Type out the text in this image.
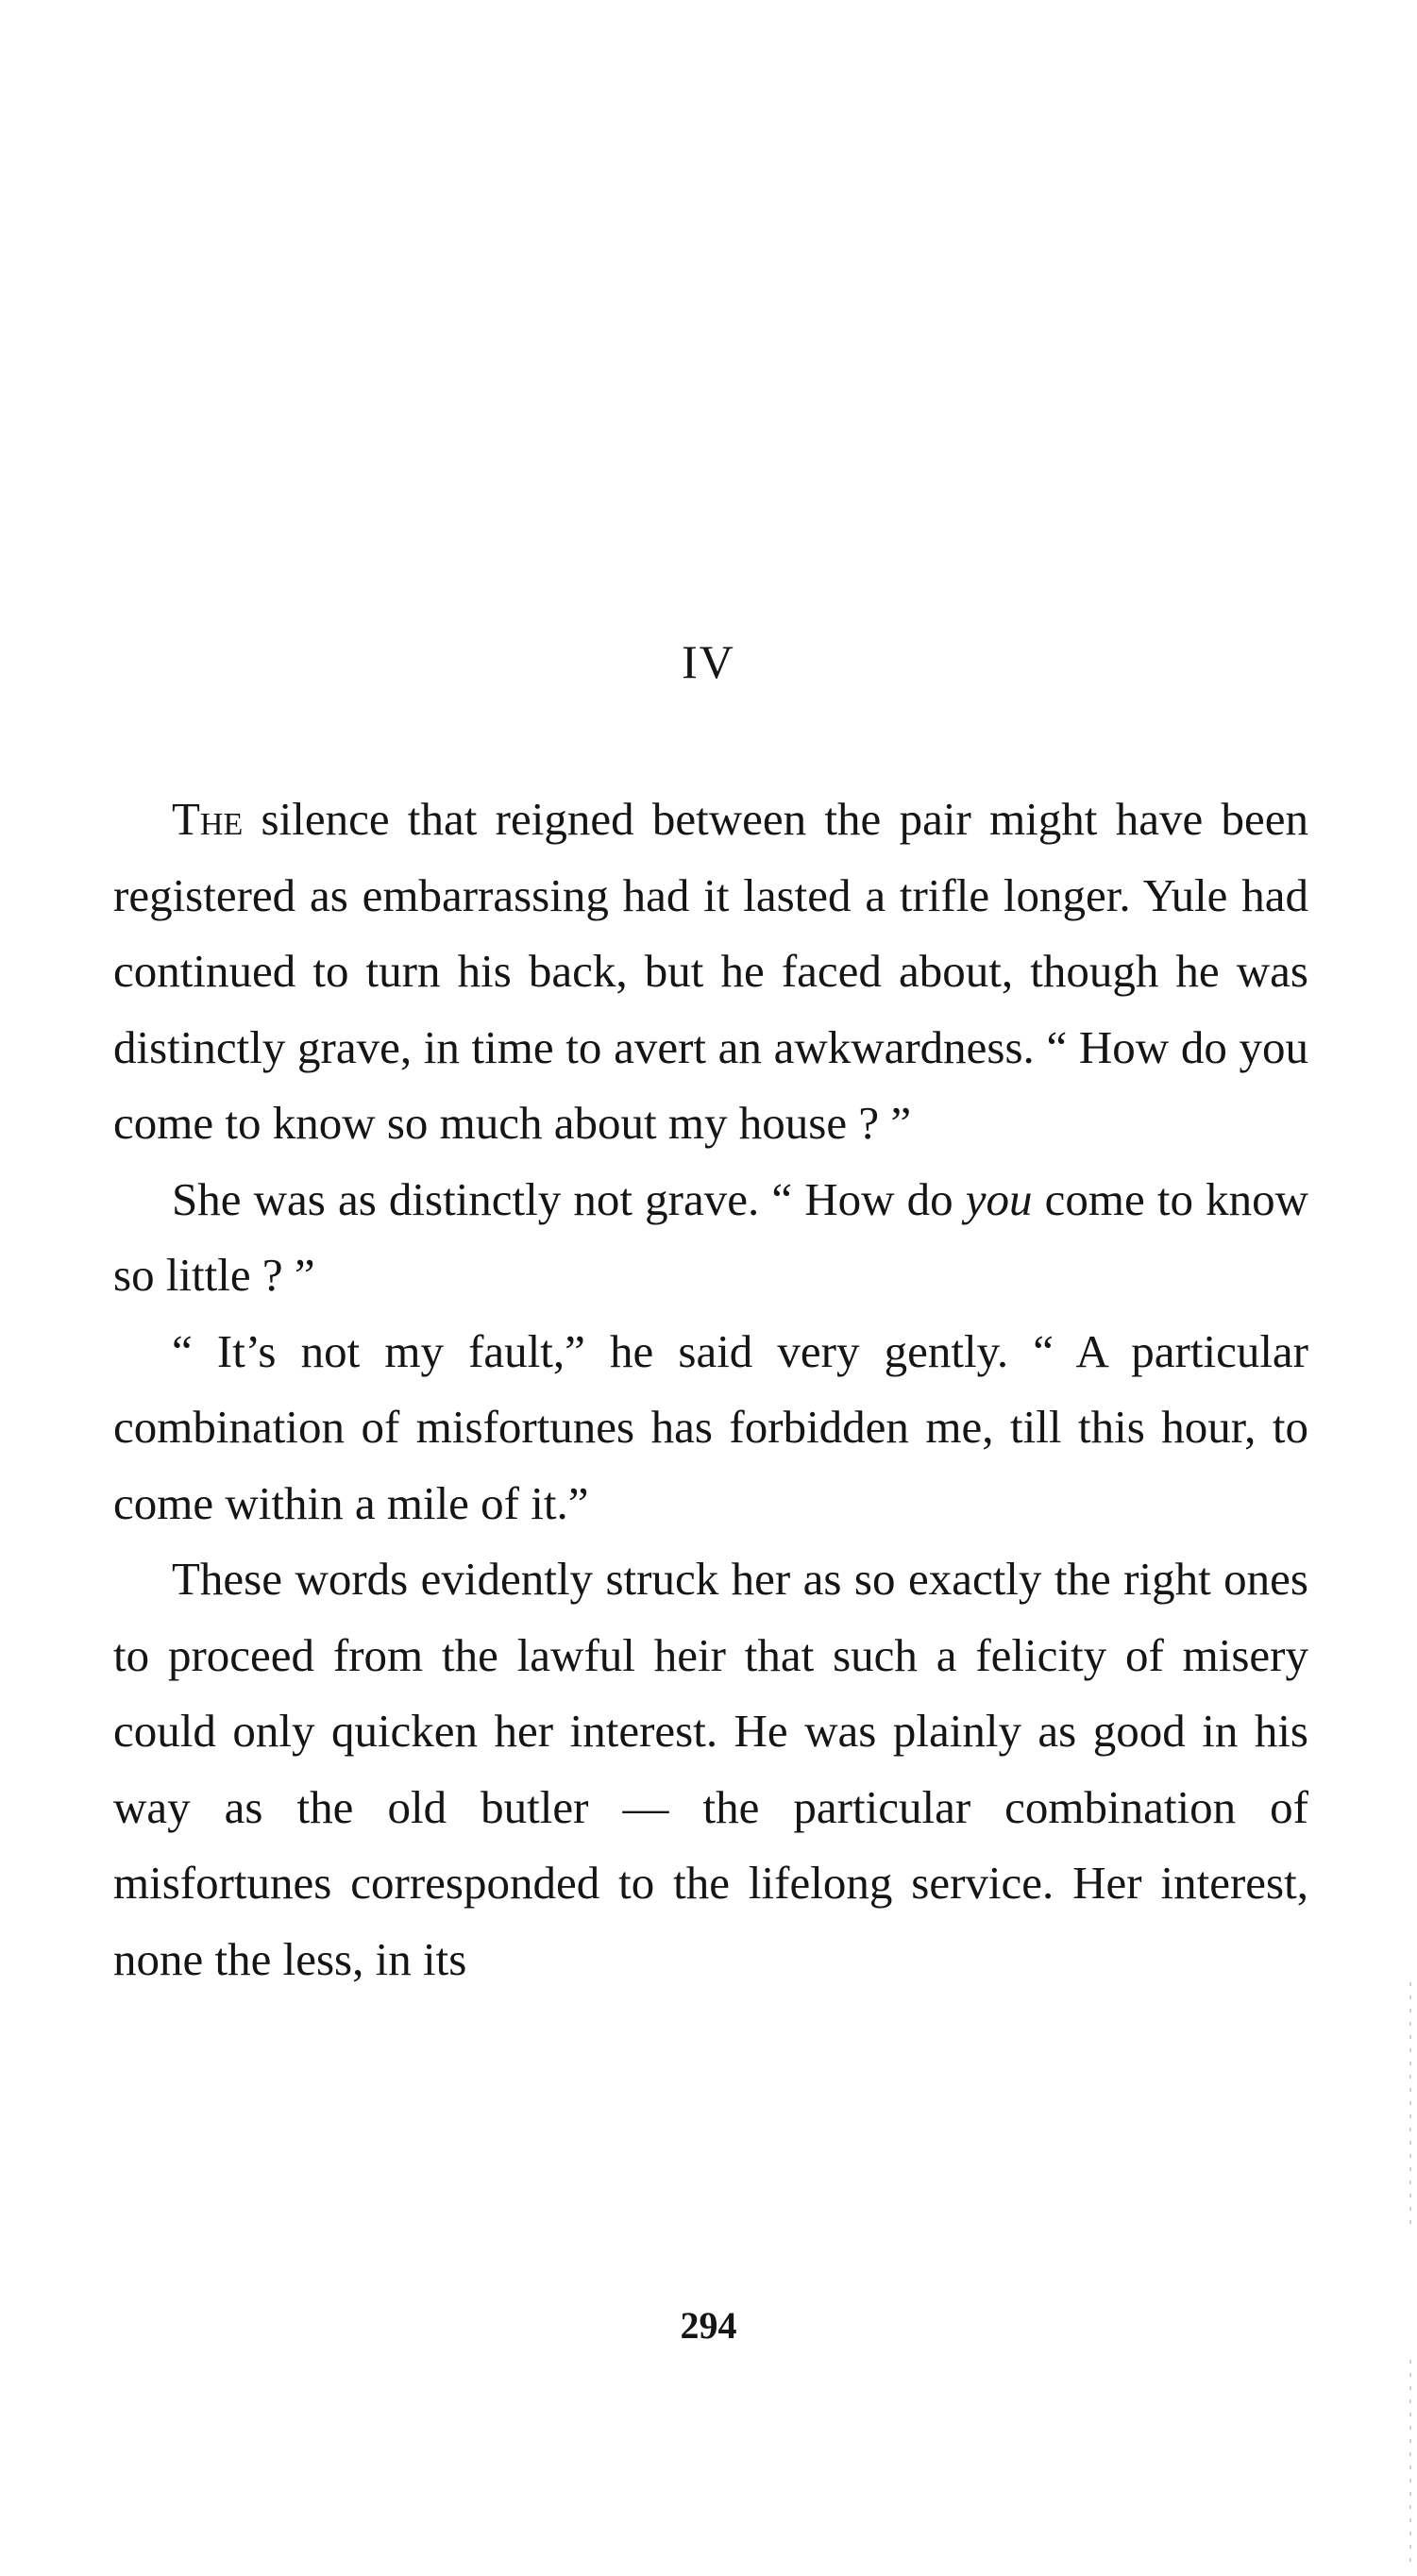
IV

The silence that reigned between the pair might have been registered as embarrassing had it lasted a trifle longer. Yule had continued to turn his back, but he faced about, though he was distinctly grave, in time to avert an awkwardness. “ How do you come to know so much about my house ? ”

She was as distinctly not grave. “ How do you come to know so little ? ”

“ It’s not my fault,” he said very gently. “ A particular combination of misfortunes has forbidden me, till this hour, to come within a mile of it.”

These words evidently struck her as so exactly the right ones to proceed from the lawful heir that such a felicity of misery could only quicken her interest. He was plainly as good in his way as the old butler — the particular combination of misfortunes corresponded to the lifelong service. Her interest, none the less, in its

294
